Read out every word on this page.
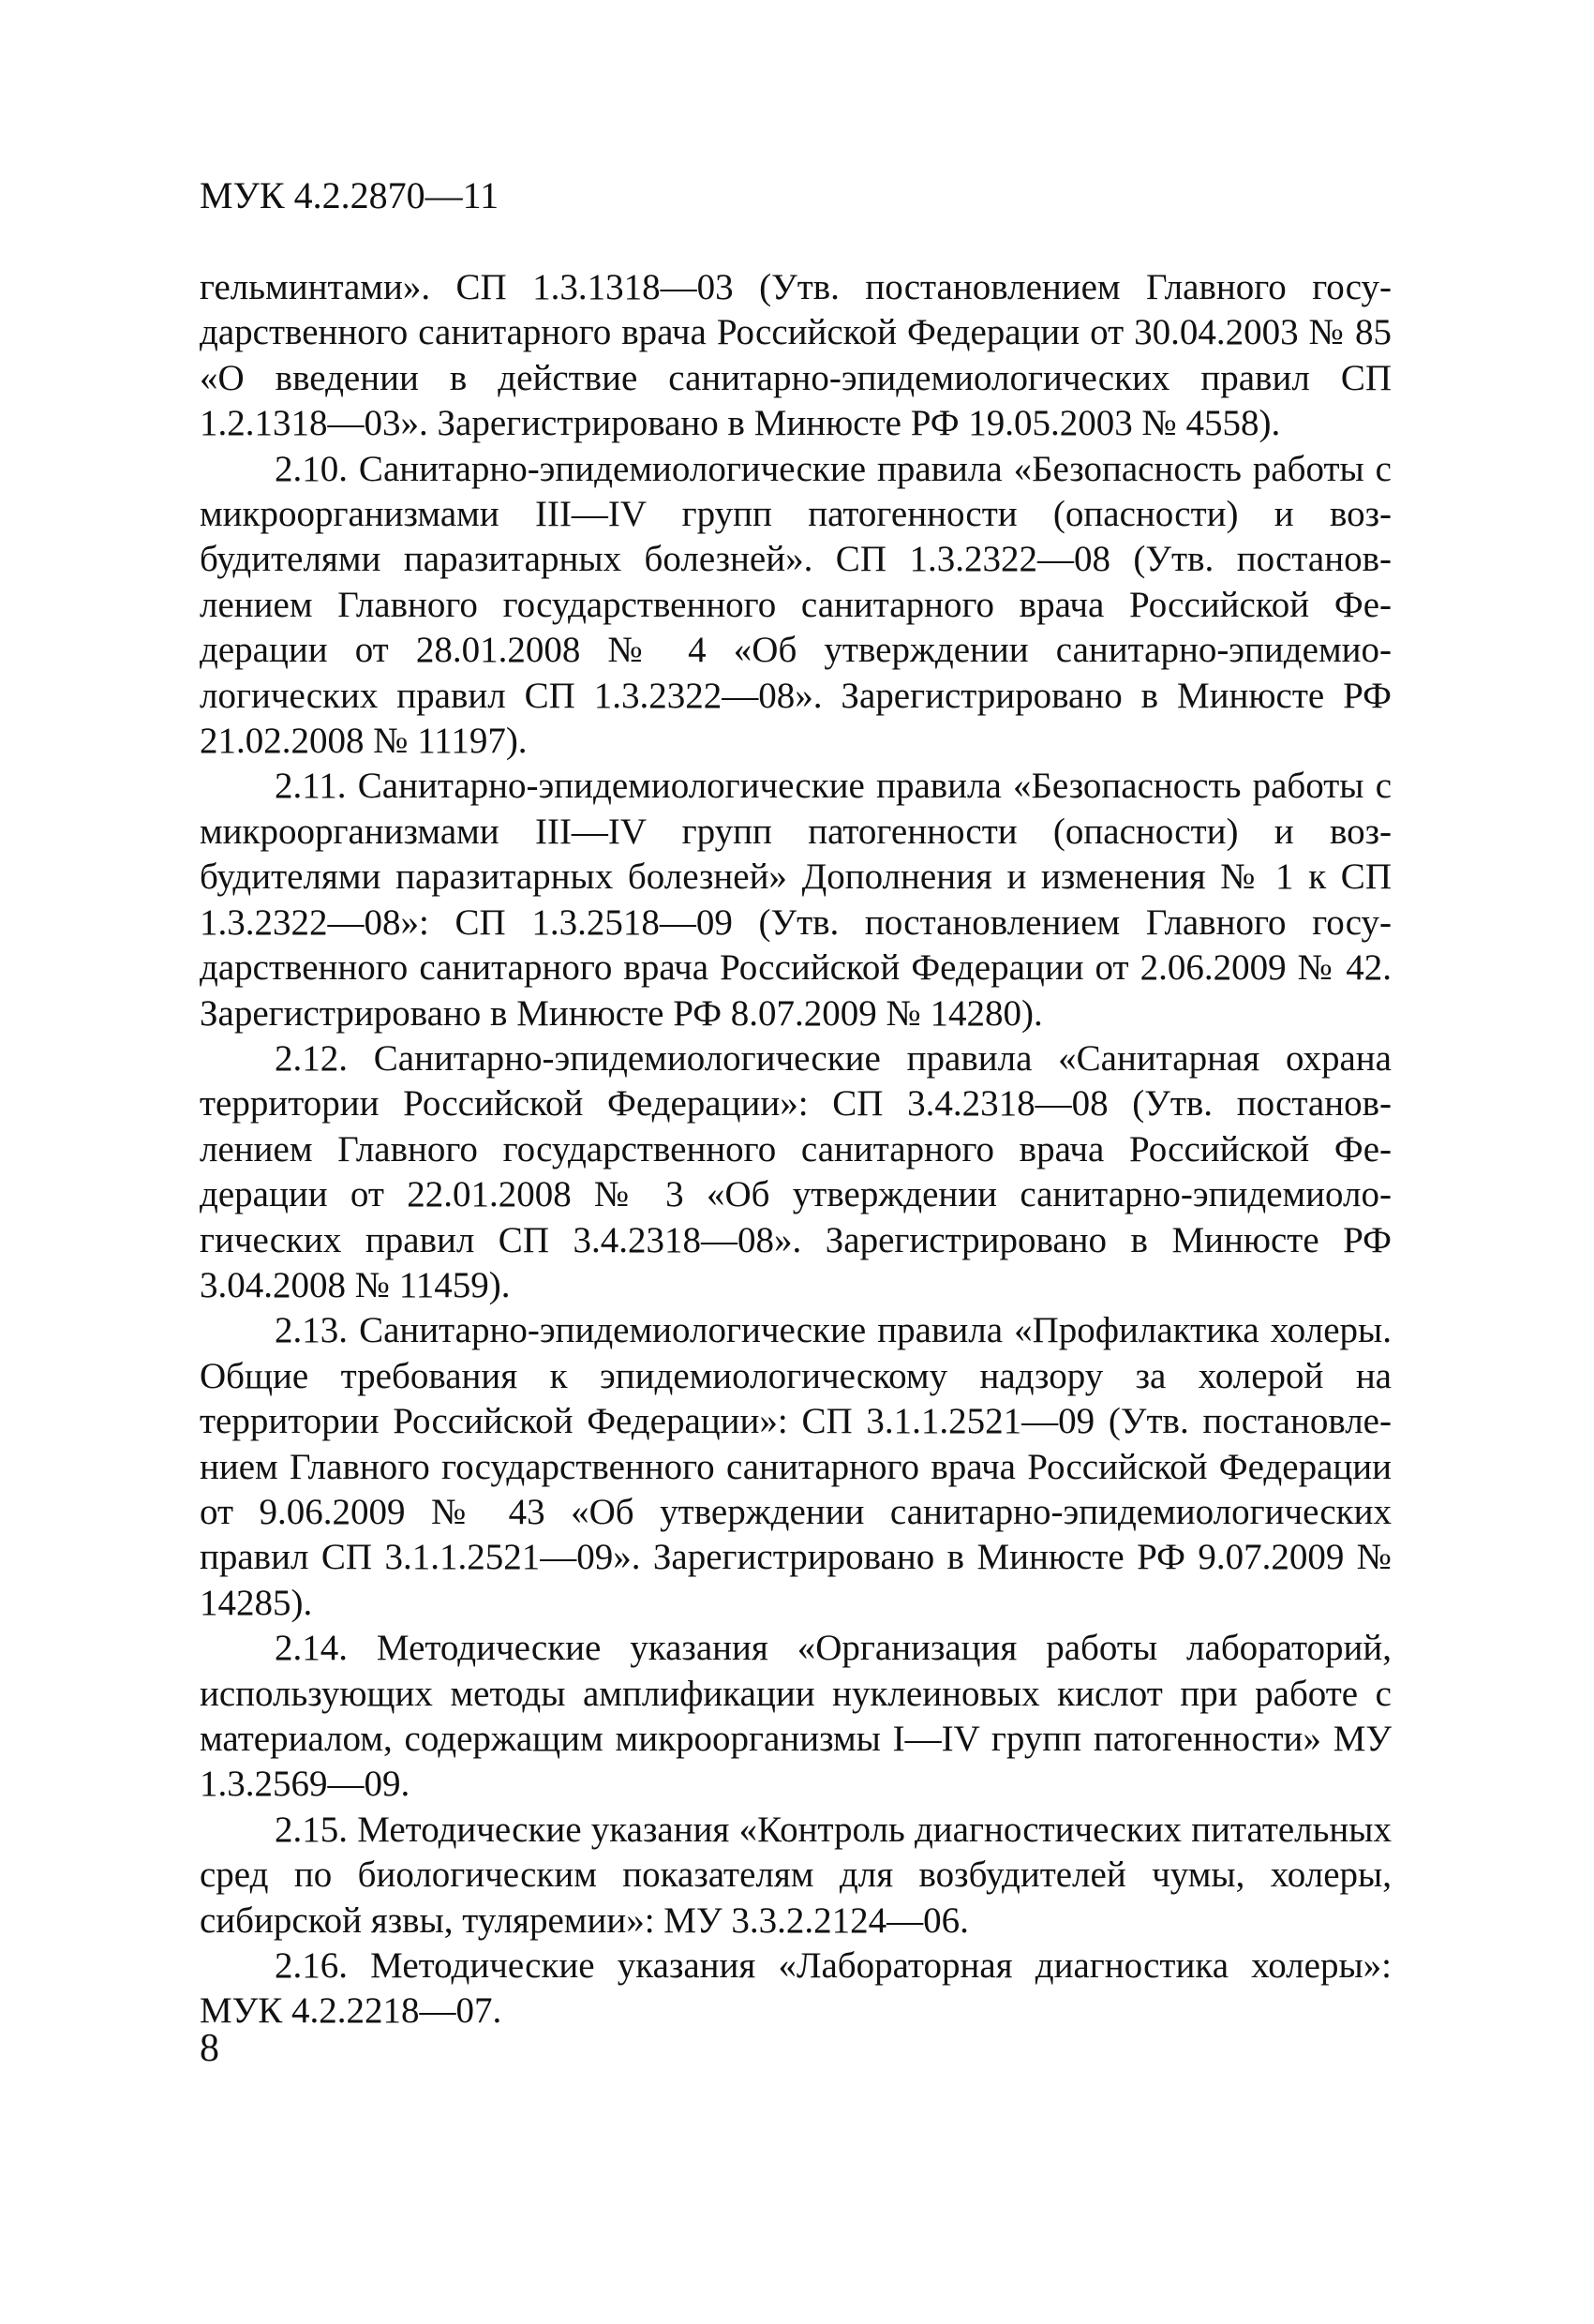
МУК 4.2.2870—11

гельминтами». СП 1.3.1318—03 (Утв. постановлением Главного государственного санитарного врача Российской Федерации от 30.04.2003 № 85 «О введении в действие санитарно-эпидемиологических правил СП 1.2.1318—03». Зарегистрировано в Минюсте РФ 19.05.2003 № 4558).

2.10. Санитарно-эпидемиологические правила «Безопасность работы с микроорганизмами III—IV групп патогенности (опасности) и возбудителями паразитарных болезней». СП 1.3.2322—08 (Утв. постановлением Главного государственного санитарного врача Российской Федерации от 28.01.2008 № 4 «Об утверждении санитарно-эпидемиологических правил СП 1.3.2322—08». Зарегистрировано в Минюсте РФ 21.02.2008 № 11197).

2.11. Санитарно-эпидемиологические правила «Безопасность работы с микроорганизмами III—IV групп патогенности (опасности) и возбудителями паразитарных болезней» Дополнения и изменения № 1 к СП 1.3.2322—08»: СП 1.3.2518—09 (Утв. постановлением Главного государственного санитарного врача Российской Федерации от 2.06.2009 № 42. Зарегистрировано в Минюсте РФ 8.07.2009 № 14280).

2.12. Санитарно-эпидемиологические правила «Санитарная охрана территории Российской Федерации»: СП 3.4.2318—08 (Утв. постановлением Главного государственного санитарного врача Российской Федерации от 22.01.2008 № 3 «Об утверждении санитарно-эпидемиологических правил СП 3.4.2318—08». Зарегистрировано в Минюсте РФ 3.04.2008 № 11459).

2.13. Санитарно-эпидемиологические правила «Профилактика холеры. Общие требования к эпидемиологическому надзору за холерой на территории Российской Федерации»: СП 3.1.1.2521—09 (Утв. постановлением Главного государственного санитарного врача Российской Федерации от 9.06.2009 № 43 «Об утверждении санитарно-эпидемиологических правил СП 3.1.1.2521—09». Зарегистрировано в Минюсте РФ 9.07.2009 № 14285).

2.14. Методические указания «Организация работы лабораторий, использующих методы амплификации нуклеиновых кислот при работе с материалом, содержащим микроорганизмы I—IV групп патогенности» МУ 1.3.2569—09.

2.15. Методические указания «Контроль диагностических питательных сред по биологическим показателям для возбудителей чумы, холеры, сибирской язвы, туляремии»: МУ 3.3.2.2124—06.

2.16. Методические указания «Лабораторная диагностика холеры»: МУК 4.2.2218—07.

8
